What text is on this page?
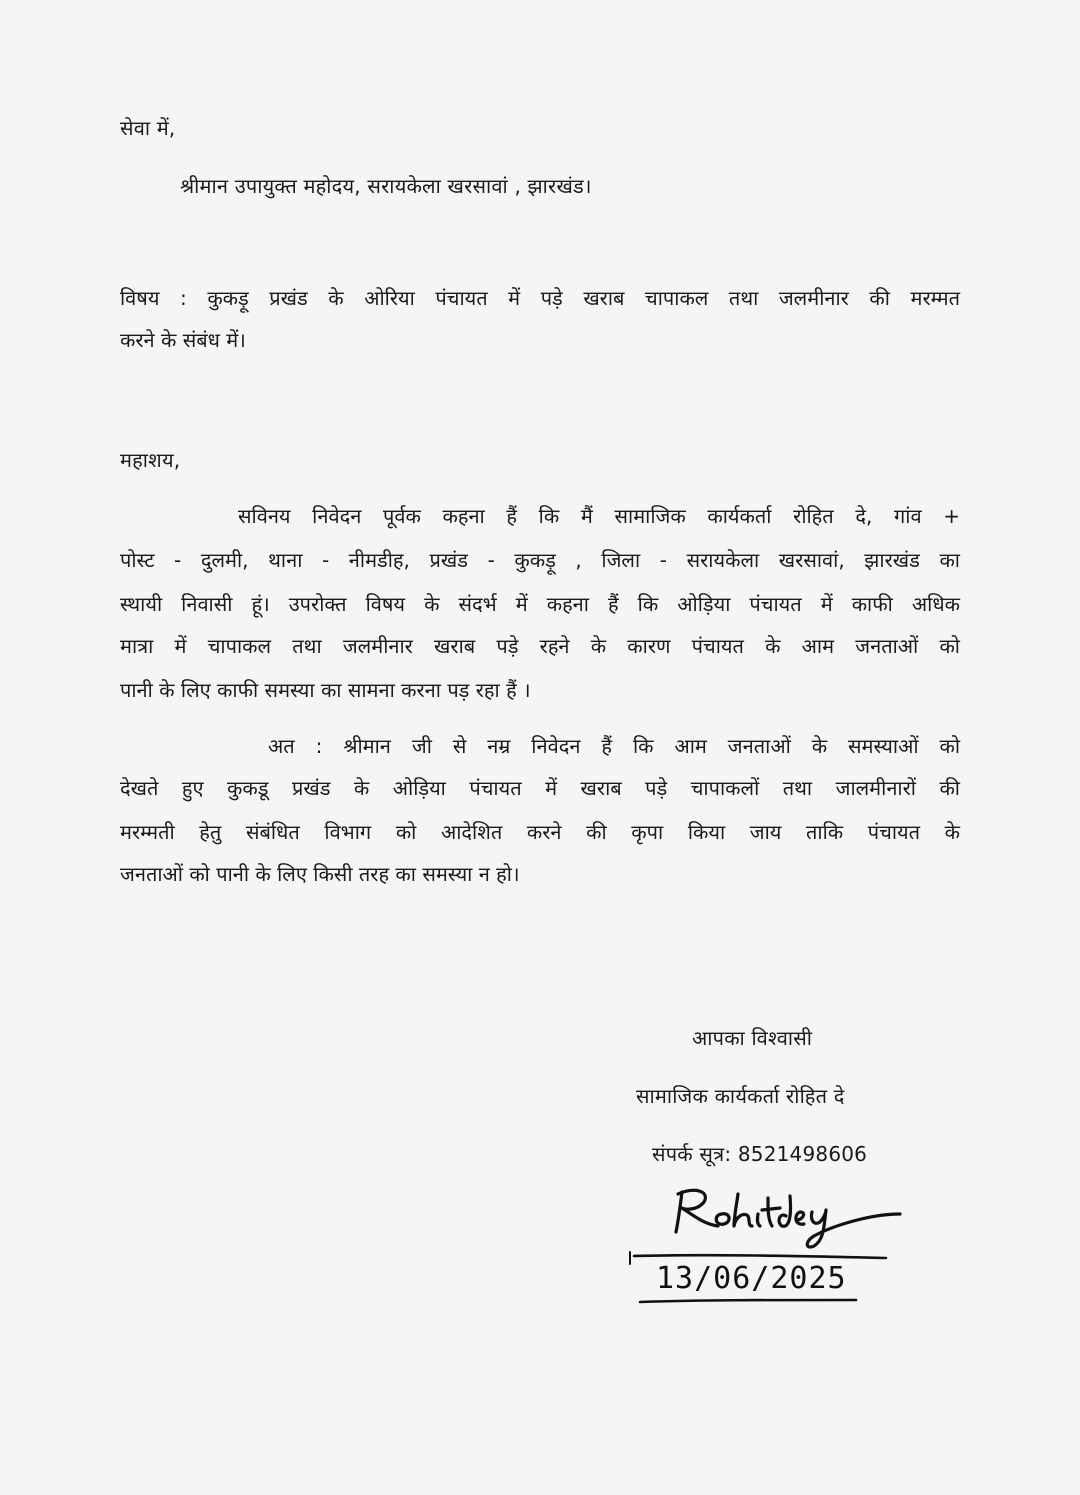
सेवा में,
श्रीमान उपायुक्त महोदय, सरायकेला खरसावां , झारखंड।
विषय : कुकड़ू प्रखंड के ओरिया पंचायत में पड़े खराब चापाकल तथा जलमीनार की मरम्मत
करने के संबंध में।
महाशय,
सविनय निवेदन पूर्वक कहना हैं कि मैं सामाजिक कार्यकर्ता रोहित दे, गांव +
पोस्ट - दुलमी, थाना - नीमडीह, प्रखंड - कुकड़ू , जिला - सरायकेला खरसावां, झारखंड का
स्थायी निवासी हूं। उपरोक्त विषय के संदर्भ में कहना हैं कि ओड़िया पंचायत में काफी अधिक
मात्रा में चापाकल तथा जलमीनार खराब पड़े रहने के कारण पंचायत के आम जनताओं को
पानी के लिए काफी समस्या का सामना करना पड़ रहा हैं ।
अत : श्रीमान जी से नम्र निवेदन हैं कि आम जनताओं के समस्याओं को
देखते हुए कुकडू प्रखंड के ओड़िया पंचायत में खराब पड़े चापाकलों तथा जालमीनारों की
मरम्मती हेतु संबंधित विभाग को आदेशित करने की कृपा किया जाय ताकि पंचायत के
जनताओं को पानी के लिए किसी तरह का समस्या न हो।
आपका विश्वासी
सामाजिक कार्यकर्ता रोहित दे
संपर्क सूत्र: 8521498606
13/06/2025
